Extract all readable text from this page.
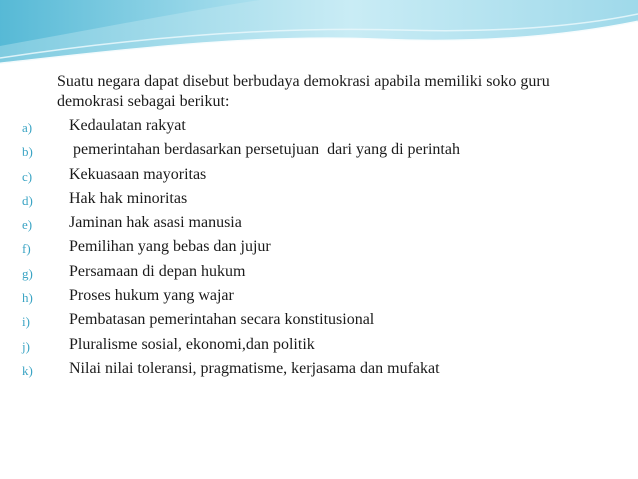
Suatu negara dapat disebut berbudaya demokrasi apabila memiliki soko guru demokrasi sebagai berikut:
a) Kedaulatan rakyat
b) pemerintahan berdasarkan persetujuan  dari yang di perintah
c) Kekuasaan mayoritas
d) Hak hak minoritas
e) Jaminan hak asasi manusia
f) Pemilihan yang bebas dan jujur
g) Persamaan di depan hukum
h) Proses hukum yang wajar
i) Pembatasan pemerintahan secara konstitusional
j) Pluralisme sosial, ekonomi,dan politik
k) Nilai nilai toleransi, pragmatisme, kerjasama dan mufakat
